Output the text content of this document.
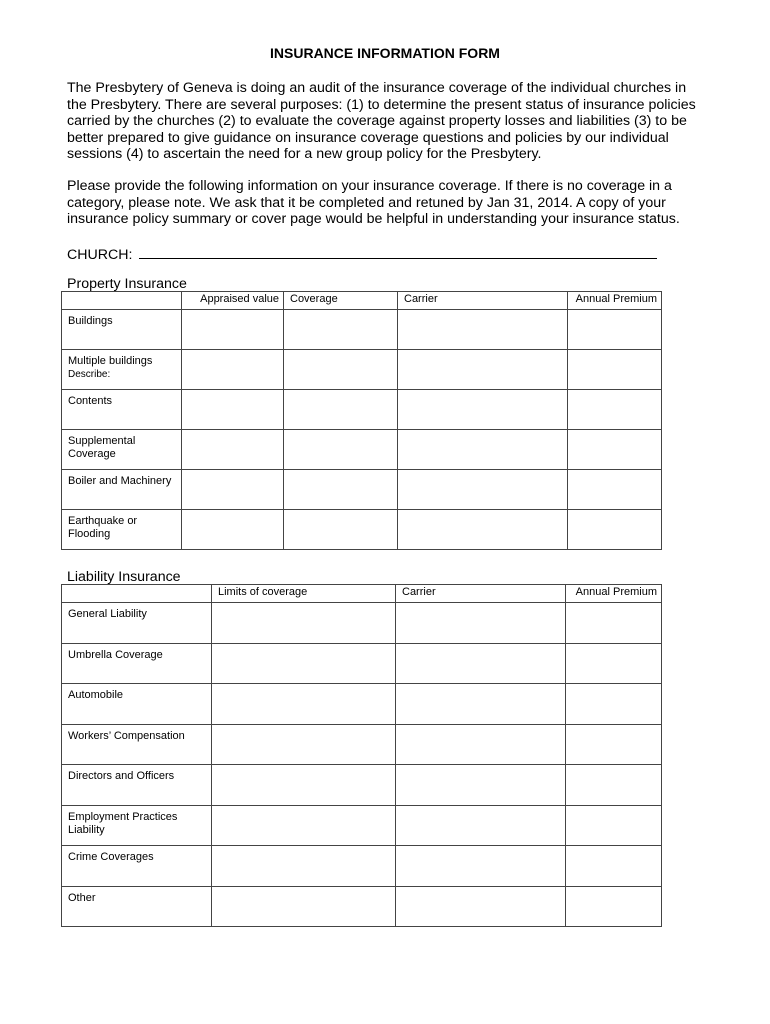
INSURANCE INFORMATION FORM

The Presbytery of Geneva is doing an audit of the insurance coverage of the individual churches in the Presbytery. There are several purposes: (1) to determine the present status of insurance policies carried by the churches (2) to evaluate the coverage against property losses and liabilities (3) to be better prepared to give guidance on insurance coverage questions and policies by our individual sessions (4) to ascertain the need for a new group policy for the Presbytery.

Please provide the following information on your insurance coverage. If there is no coverage in a category, please note. We ask that it be completed and retuned by Jan 31, 2014. A copy of your insurance policy summary or cover page would be helpful in understanding your insurance status.

CHURCH:
Property Insurance
	Appraised value	Coverage	Carrier	Annual Premium
Buildings				
Multiple buildings
Describe:				
Contents				
Supplemental Coverage				
Boiler and Machinery				
Earthquake or Flooding				
Liability Insurance
	Limits of coverage	Carrier	Annual Premium
General Liability			
Umbrella Coverage			
Automobile			
Workers’ Compensation			
Directors and Officers			
Employment Practices Liability			
Crime Coverages			
Other			
